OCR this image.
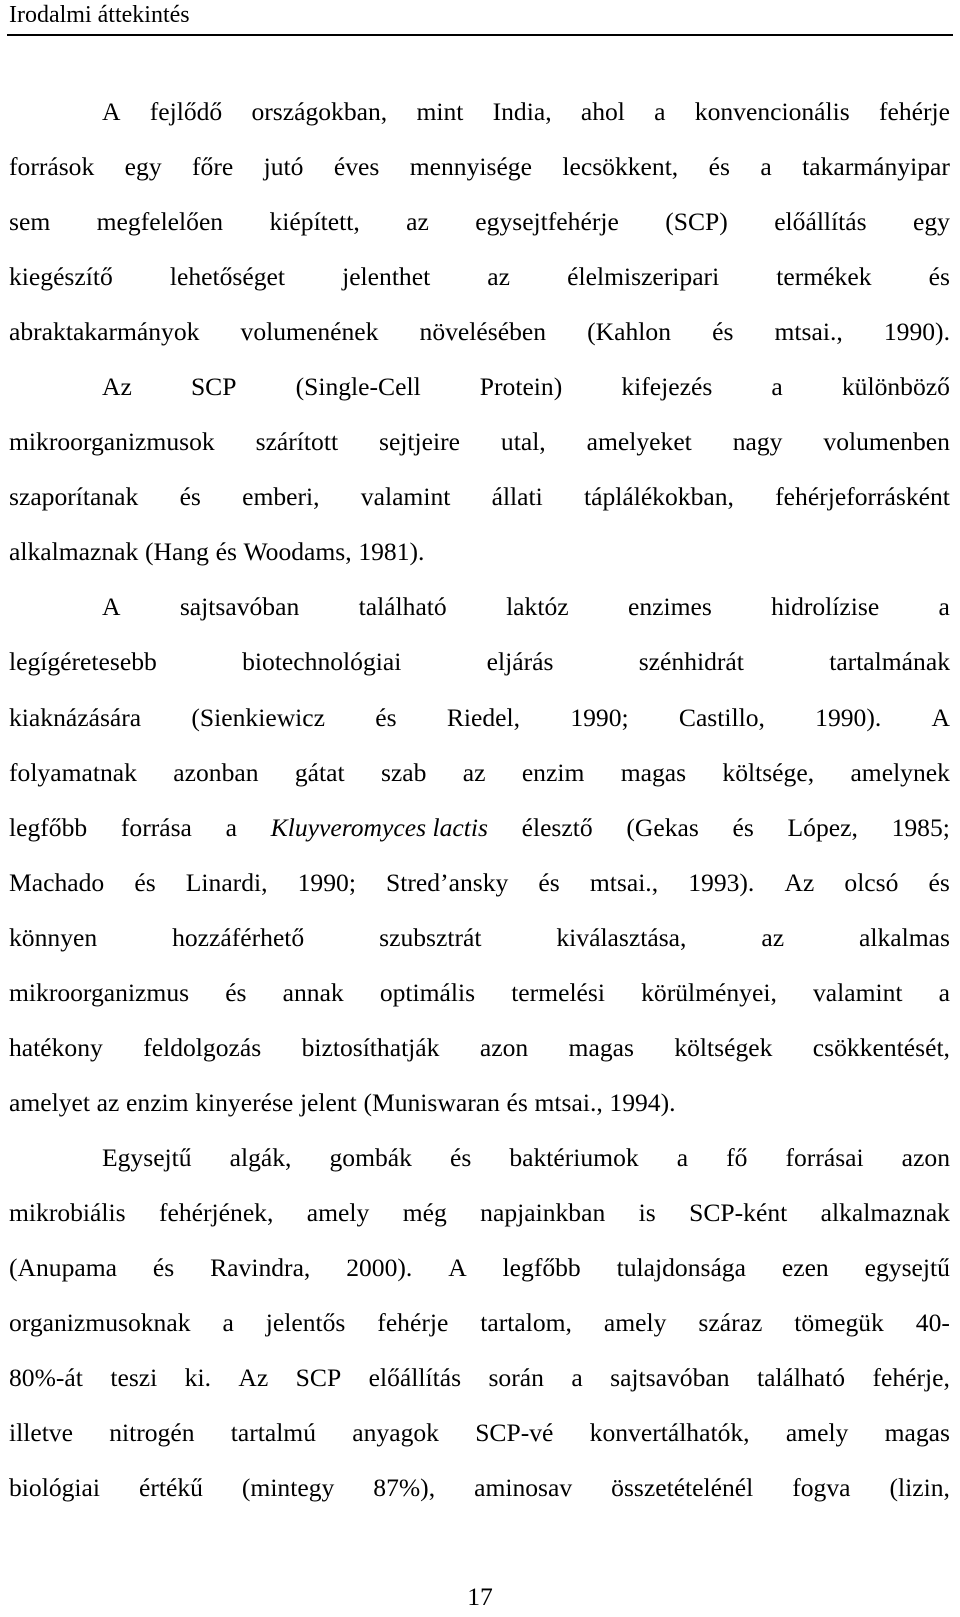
Irodalmi áttekintés
A fejlődő országokban, mint India, ahol a konvencionális fehérje
források egy főre jutó éves mennyisége lecsökkent, és a takarmányipar
sem megfelelően kiépített, az egysejtfehérje (SCP) előállítás egy
kiegészítő lehetőséget jelenthet az élelmiszeripari termékek és
abraktakarmányok volumenének növelésében (Kahlon és mtsai., 1990).
Az SCP (Single-Cell Protein) kifejezés a különböző
mikroorganizmusok szárított sejtjeire utal, amelyeket nagy volumenben
szaporítanak és emberi, valamint állati táplálékokban, fehérjeforrásként
alkalmaznak (Hang és Woodams, 1981).
A sajtsavóban található laktóz enzimes hidrolízise a
legígéretesebb	biotechnológiai	eljárás	szénhidrát	tartalmának
kiaknázására (Sienkiewicz és Riedel, 1990; Castillo, 1990). A
folyamatnak azonban gátat szab az enzim magas költsége, amelynek
legfőbb forrása a Kluyveromyces lactis élesztő (Gekas és López, 1985;
Machado és Linardi, 1990; Stred’ansky és mtsai., 1993). Az olcsó és
könnyen	hozzáférhető	szubsztrát	kiválasztása,	az	alkalmas
mikroorganizmus és annak optimális termelési körülményei, valamint a
hatékony feldolgozás biztosíthatják azon magas költségek csökkentését,
amelyet az enzim kinyerése jelent (Muniswaran és mtsai., 1994).
Egysejtű algák, gombák és baktériumok a fő forrásai azon
mikrobiális fehérjének, amely még napjainkban is SCP-ként alkalmaznak
(Anupama és Ravindra, 2000). A legfőbb tulajdonsága ezen egysejtű
organizmusoknak a jelentős fehérje tartalom, amely száraz tömegük 40-
80%-át teszi ki. Az SCP előállítás során a sajtsavóban található fehérje,
illetve nitrogén tartalmú anyagok SCP-vé konvertálhatók, amely magas
biológiai értékű (mintegy 87%), aminosav összetételénél fogva (lizin,
17
